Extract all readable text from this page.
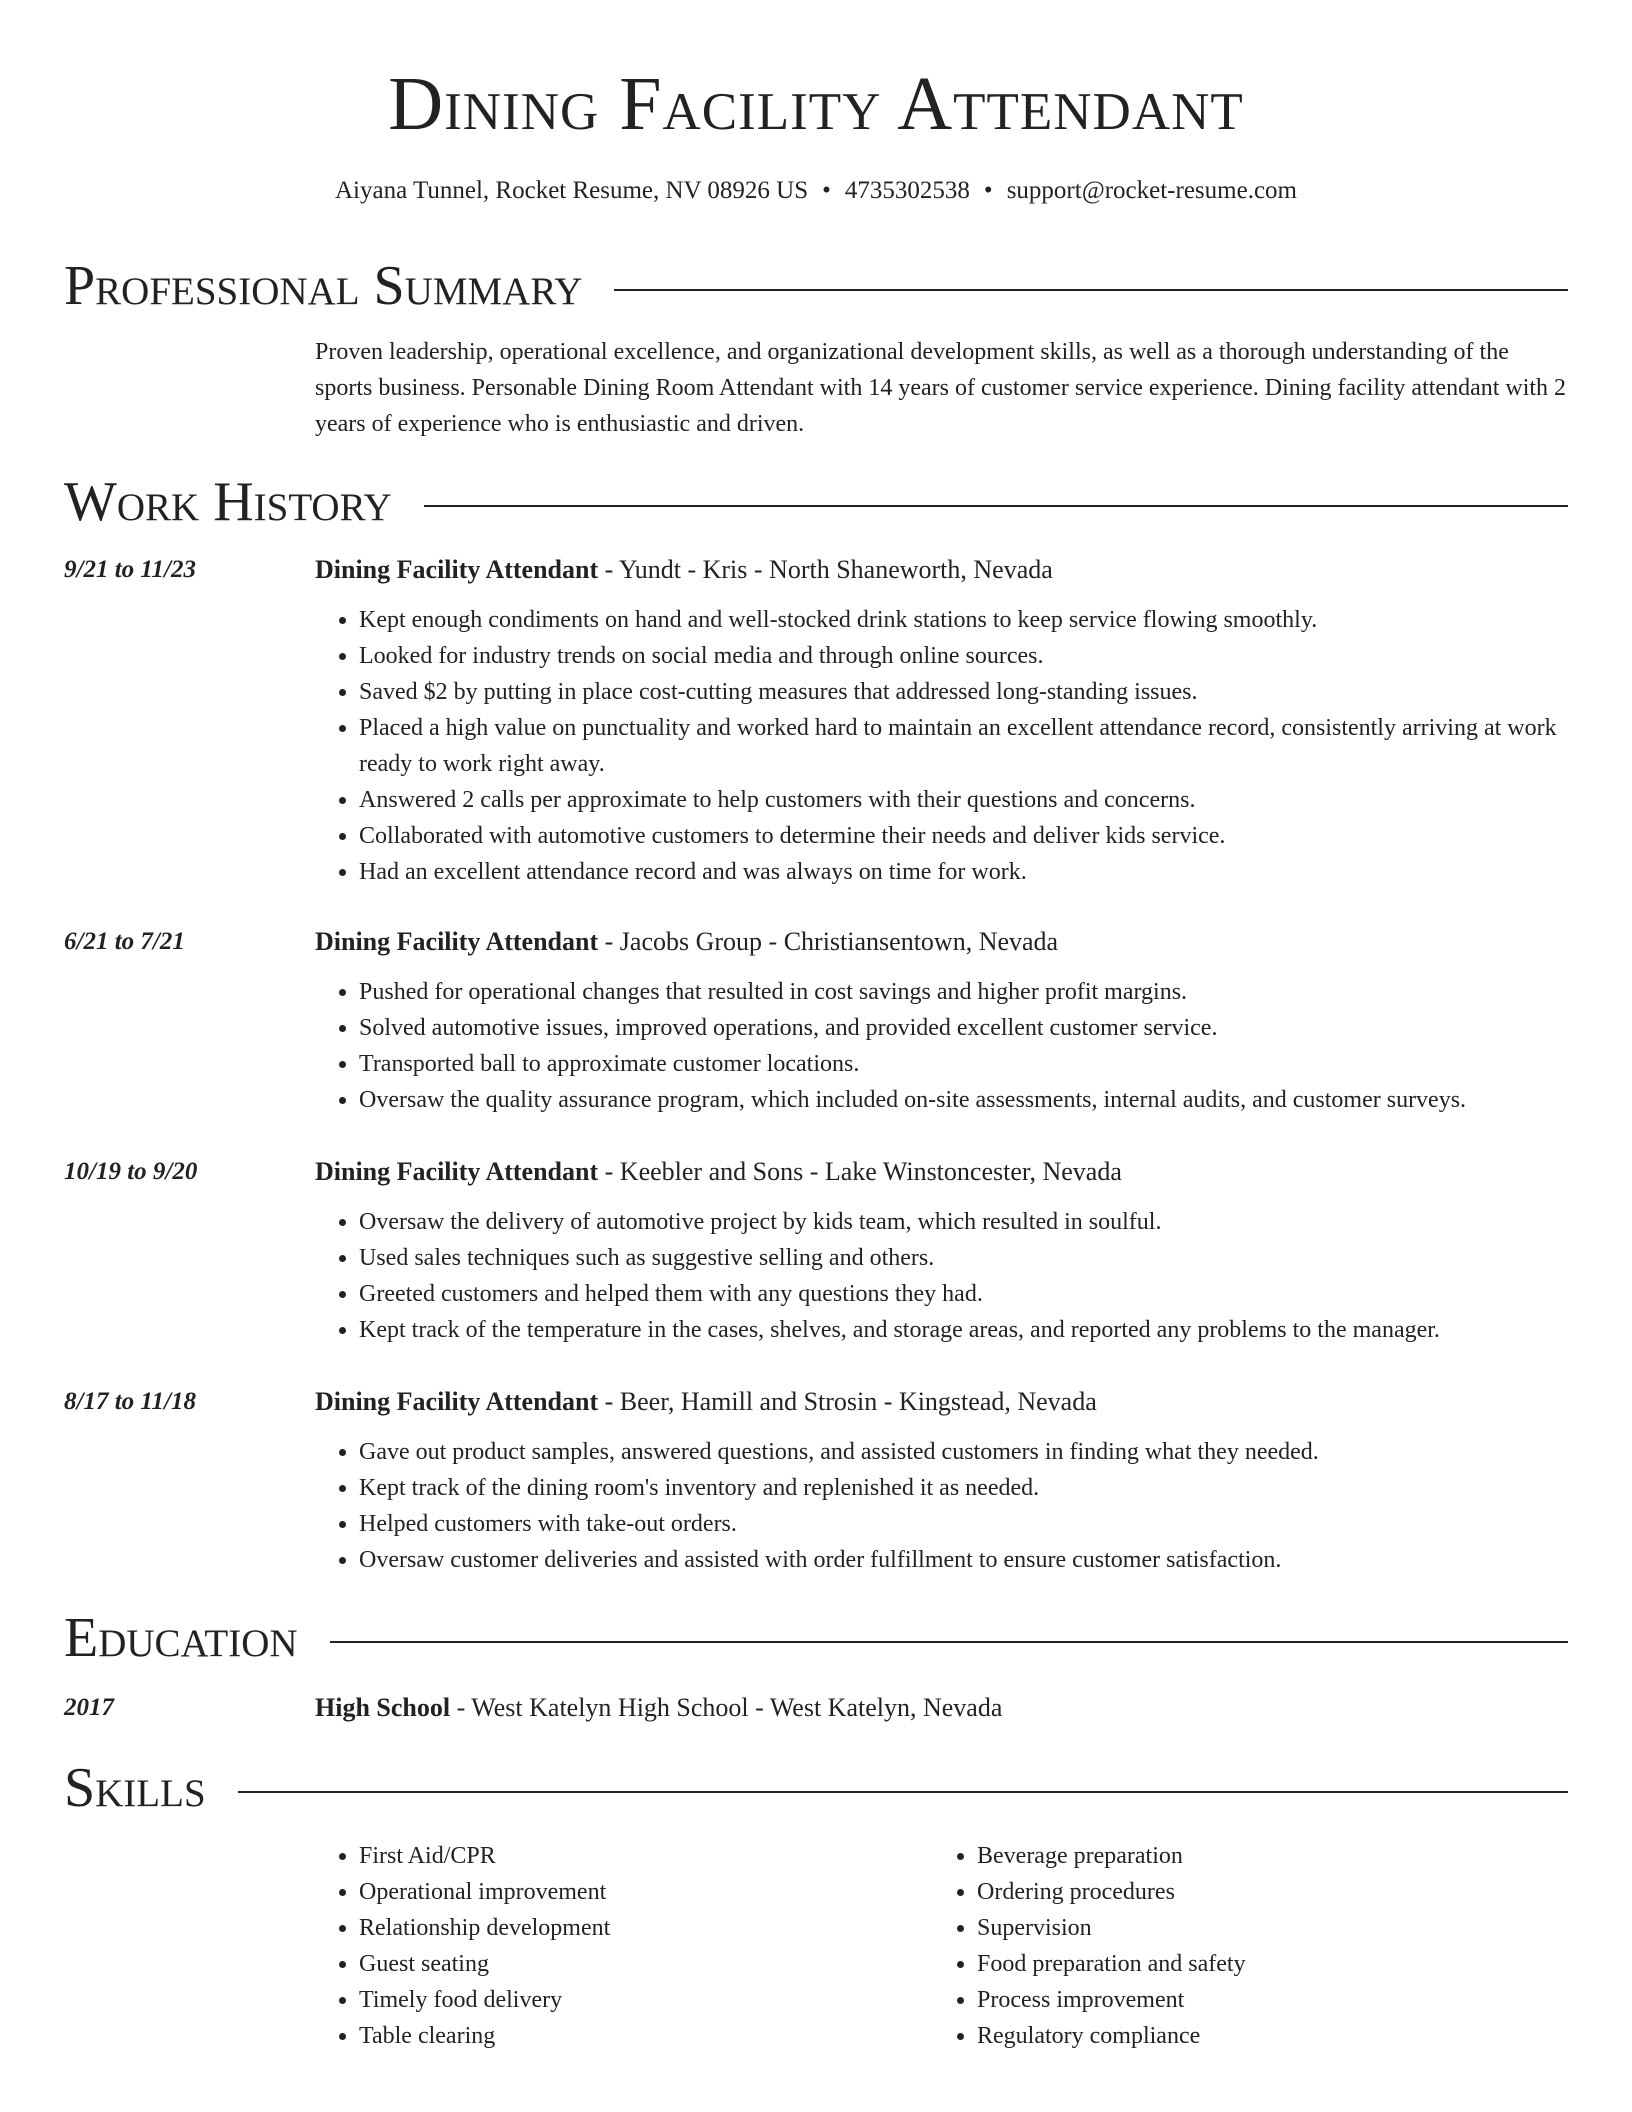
Dining Facility Attendant
Aiyana Tunnel, Rocket Resume, NV 08926 US • 4735302538 • support@rocket-resume.com
Professional Summary

Proven leadership, operational excellence, and organizational development skills, as well as a thorough understanding of the sports business. Personable Dining Room Attendant with 14 years of customer service experience. Dining facility attendant with 2 years of experience who is enthusiastic and driven.

Work History
9/21 to 11/23	Dining Facility Attendant - Yundt - Kris - North Shaneworth, Nevada
• Kept enough condiments on hand and well-stocked drink stations to keep service flowing smoothly.
• Looked for industry trends on social media and through online sources.
• Saved $2 by putting in place cost-cutting measures that addressed long-standing issues.
• Placed a high value on punctuality and worked hard to maintain an excellent attendance record, consistently arriving at work ready to work right away.
• Answered 2 calls per approximate to help customers with their questions and concerns.
• Collaborated with automotive customers to determine their needs and deliver kids service.
• Had an excellent attendance record and was always on time for work.
6/21 to 7/21	Dining Facility Attendant - Jacobs Group - Christiansentown, Nevada
• Pushed for operational changes that resulted in cost savings and higher profit margins.
• Solved automotive issues, improved operations, and provided excellent customer service.
• Transported ball to approximate customer locations.
• Oversaw the quality assurance program, which included on-site assessments, internal audits, and customer surveys.
10/19 to 9/20	Dining Facility Attendant - Keebler and Sons - Lake Winstoncester, Nevada
• Oversaw the delivery of automotive project by kids team, which resulted in soulful.
• Used sales techniques such as suggestive selling and others.
• Greeted customers and helped them with any questions they had.
• Kept track of the temperature in the cases, shelves, and storage areas, and reported any problems to the manager.
8/17 to 11/18	Dining Facility Attendant - Beer, Hamill and Strosin - Kingstead, Nevada
• Gave out product samples, answered questions, and assisted customers in finding what they needed.
• Kept track of the dining room's inventory and replenished it as needed.
• Helped customers with take-out orders.
• Oversaw customer deliveries and assisted with order fulfillment to ensure customer satisfaction.
Education
2017	High School - West Katelyn High School - West Katelyn, Nevada
Skills
• First Aid/CPR
• Operational improvement
• Relationship development
• Guest seating
• Timely food delivery
• Table clearing
• Beverage preparation
• Ordering procedures
• Supervision
• Food preparation and safety
• Process improvement
• Regulatory compliance
